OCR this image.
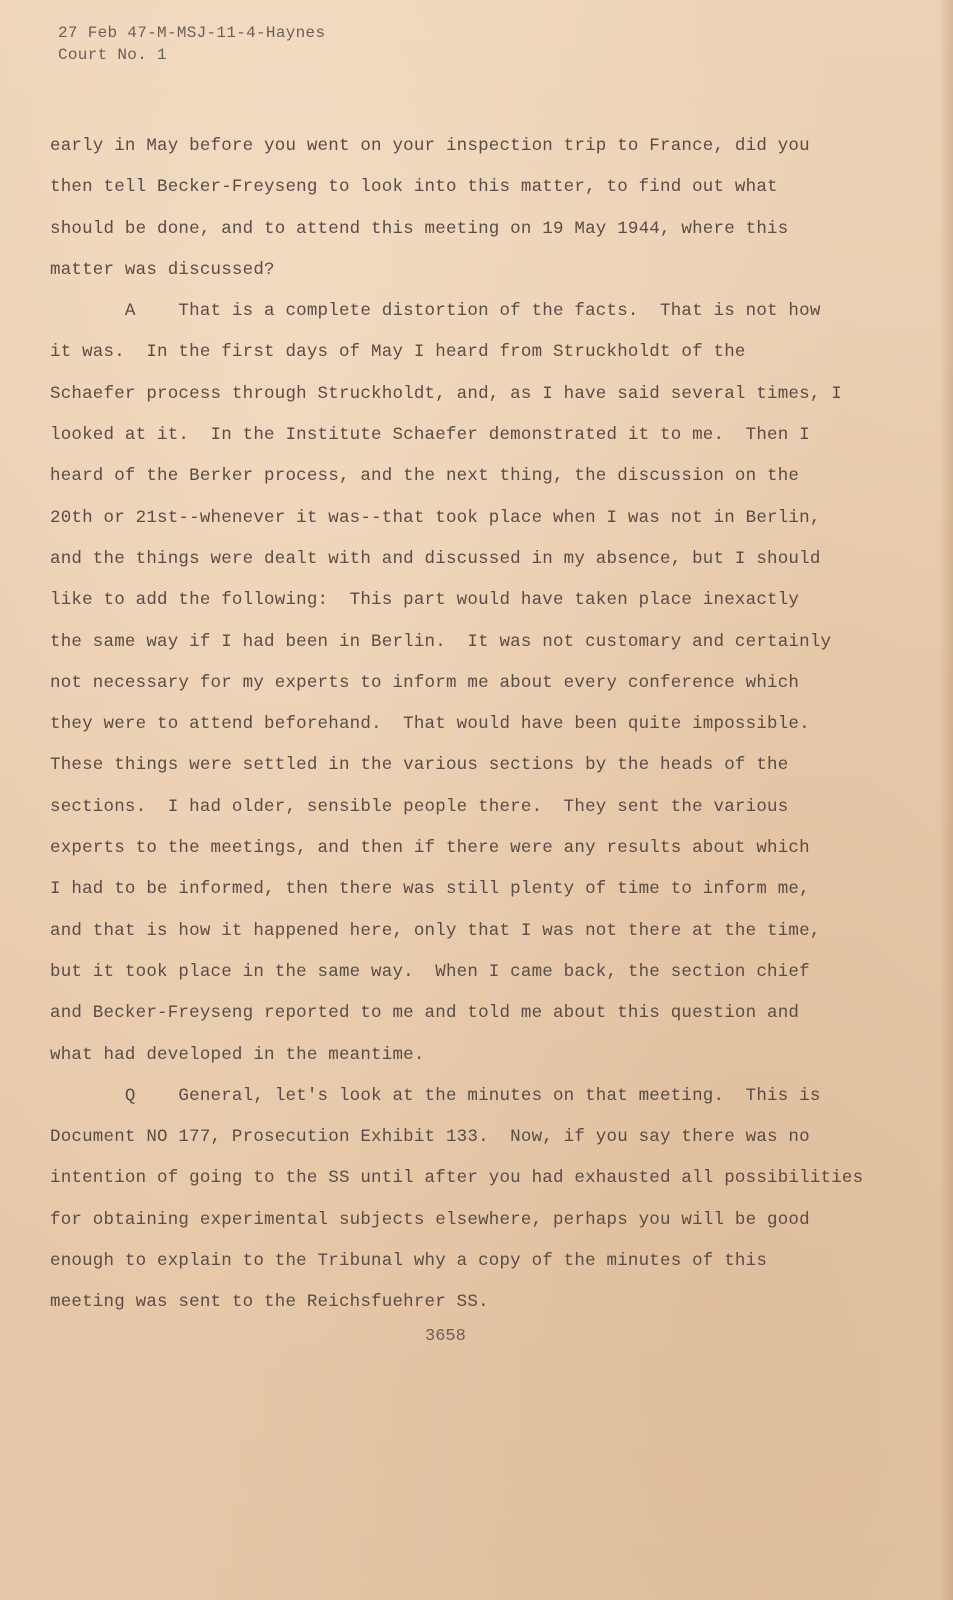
27 Feb 47-M-MSJ-11-4-Haynes
Court No. 1
early in May before you went on your inspection trip to France, did you
then tell Becker-Freyseng to look into this matter, to find out what
should be done, and to attend this meeting on 19 May 1944, where this
matter was discussed?
A    That is a complete distortion of the facts.  That is not how
it was.  In the first days of May I heard from Struckholdt of the
Schaefer process through Struckholdt, and, as I have said several times, I
looked at it.  In the Institute Schaefer demonstrated it to me.  Then I
heard of the Berker process, and the next thing, the discussion on the
20th or 21st--whenever it was--that took place when I was not in Berlin,
and the things were dealt with and discussed in my absence, but I should
like to add the following:  This part would have taken place inexactly
the same way if I had been in Berlin.  It was not customary and certainly
not necessary for my experts to inform me about every conference which
they were to attend beforehand.  That would have been quite impossible.
These things were settled in the various sections by the heads of the
sections.  I had older, sensible people there.  They sent the various
experts to the meetings, and then if there were any results about which
I had to be informed, then there was still plenty of time to inform me,
and that is how it happened here, only that I was not there at the time,
but it took place in the same way.  When I came back, the section chief
and Becker-Freyseng reported to me and told me about this question and
what had developed in the meantime.
Q    General, let's look at the minutes on that meeting.  This is
Document NO 177, Prosecution Exhibit 133.  Now, if you say there was no
intention of going to the SS until after you had exhausted all possibilities
for obtaining experimental subjects elsewhere, perhaps you will be good
enough to explain to the Tribunal why a copy of the minutes of this
meeting was sent to the Reichsfuehrer SS.
3658
